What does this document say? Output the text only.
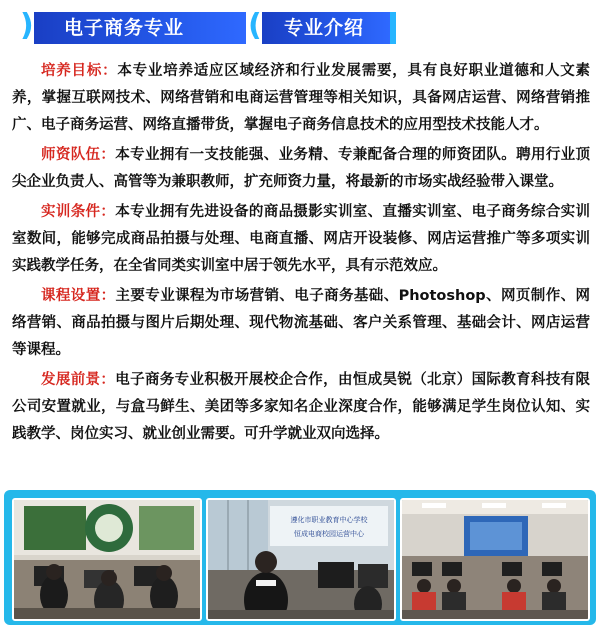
) 电子商务专业 ( 专业介绍

培养目标：本专业培养适应区域经济和行业发展需要，具有良好职业道德和人文素养，掌握互联网技术、网络营销和电商运营管理等相关知识，具备网店运营、网络营销推广、电子商务运营、网络直播带货，掌握电子商务信息技术的应用型技术技能人才。

师资队伍：本专业拥有一支技能强、业务精、专兼配备合理的师资团队。聘用行业顶尖企业负责人、高管等为兼职教师，扩充师资力量，将最新的市场实战经验带入课堂。

实训条件：本专业拥有先进设备的商品摄影实训室、直播实训室、电子商务综合实训室数间，能够完成商品拍摄与处理、电商直播、网店开设装修、网店运营推广等多项实训实践教学任务，在全省同类实训室中居于领先水平，具有示范效应。

课程设置：主要专业课程为市场营销、电子商务基础、Photoshop、网页制作、网络营销、商品拍摄与图片后期处理、现代物流基础、客户关系管理、基础会计、网店运营等课程。

发展前景：电子商务专业积极开展校企合作，由恒成昊锐（北京）国际教育科技有限公司安置就业，与盒马鲜生、美团等多家知名企业深度合作，能够满足学生岗位认知、实践教学、岗位实习、就业创业需要。可升学就业双向选择。

遵化市职业教育中心学校
恒成电商校园运营中心
